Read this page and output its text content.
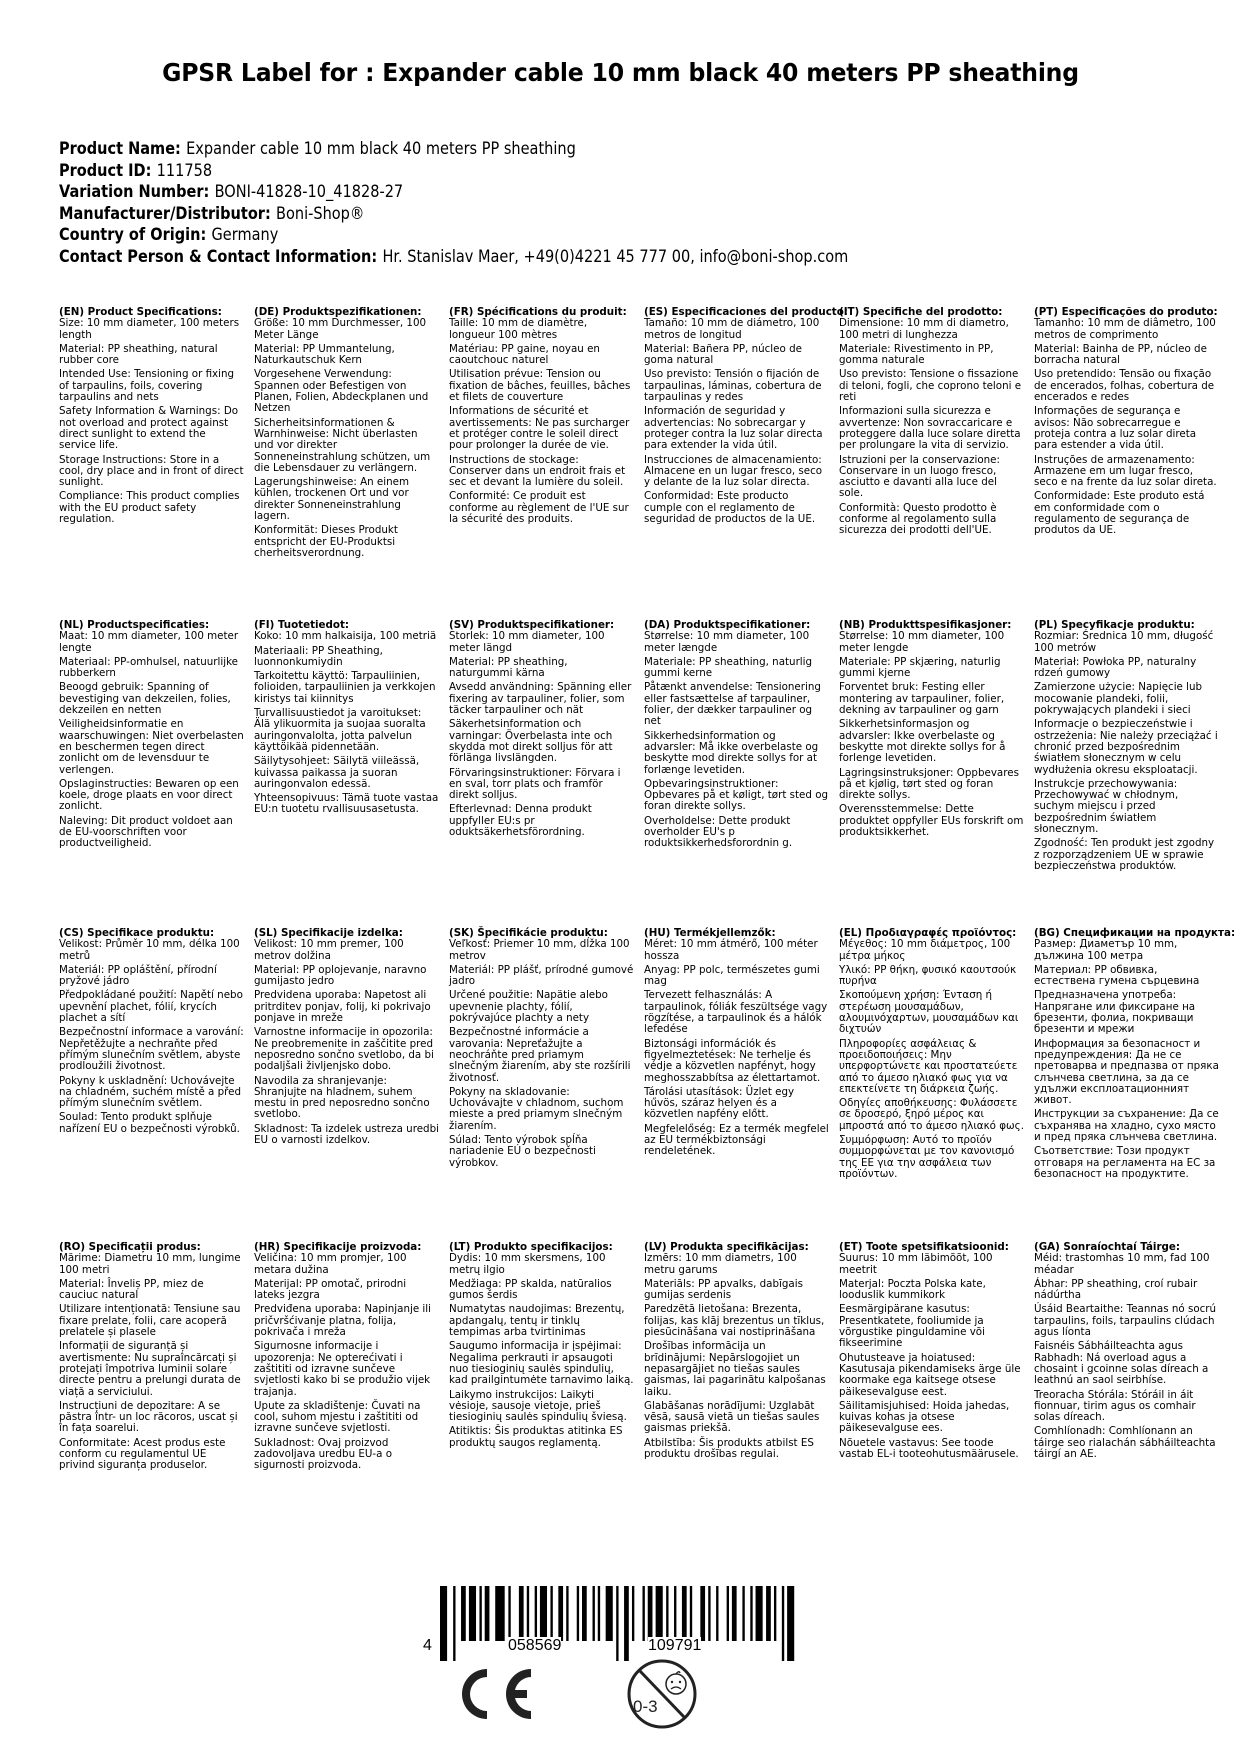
GPSR Label for : Expander cable 10 mm black 40 meters PP sheathing
Product Name: Expander cable 10 mm black 40 meters PP sheathing
Product ID: 111758
Variation Number: BONI-41828-10_41828-27
Manufacturer/Distributor: Boni-Shop®
Country of Origin: Germany
Contact Person & Contact Information: Hr. Stanislav Maer, +49(0)4221 45 777 00, info@boni-shop.com
(EN) Product Specifications:
Size: 10 mm diameter, 100 meters length
Material: PP sheathing, natural rubber core
Intended Use: Tensioning or fixing of tarpaulins, foils, covering tarpaulins and nets
Safety Information & Warnings: Do not overload and protect against direct sunlight to extend the service life.
Storage Instructions: Store in a cool, dry place and in front of direct sunlight.
Compliance: This product complies with the EU product safety regulation.
(DE) Produktspezifikationen:
Größe: 10 mm Durchmesser, 100 Meter Länge
Material: PP Ummantelung, Naturkautschuk Kern
Vorgesehene Verwendung: Spannen oder Befestigen von Planen, Folien, Abdeckplanen und Netzen
Sicherheitsinformationen & Warnhinweise: Nicht überlasten und vor direkter Sonneneinstrahlung schützen, um die Lebensdauer zu verlängern.
Lagerungshinweise: An einem kühlen, trockenen Ort und vor direkter Sonneneinstrahlung lagern.
Konformität: Dieses Produkt entspricht der EU-Produktsi cherheitsverordnung.
(FR) Spécifications du produit:
Taille: 10 mm de diamètre, longueur 100 mètres
Matériau: PP gaine, noyau en caoutchouc naturel
Utilisation prévue: Tension ou fixation de bâches, feuilles, bâches et filets de couverture
Informations de sécurité et avertissements: Ne pas surcharger et protéger contre le soleil direct pour prolonger la durée de vie.
Instructions de stockage: Conserver dans un endroit frais et sec et devant la lumière du soleil.
Conformité: Ce produit est conforme au règlement de l'UE sur la sécurité des produits.
(ES) Especificaciones del producto:
Tamaño: 10 mm de diámetro, 100 metros de longitud
Material: Bañera PP, núcleo de goma natural
Uso previsto: Tensión o fijación de tarpaulinas, láminas, cobertura de tarpaulinas y redes
Información de seguridad y advertencias: No sobrecargar y proteger contra la luz solar directa para extender la vida útil.
Instrucciones de almacenamiento: Almacene en un lugar fresco, seco y delante de la luz solar directa.
Conformidad: Este producto cumple con el reglamento de seguridad de productos de la UE.
(IT) Specifiche del prodotto:
Dimensione: 10 mm di diametro, 100 metri di lunghezza
Materiale: Rivestimento in PP, gomma naturale
Uso previsto: Tensione o fissazione di teloni, fogli, che coprono teloni e reti
Informazioni sulla sicurezza e avvertenze: Non sovraccaricare e proteggere dalla luce solare diretta per prolungare la vita di servizio.
Istruzioni per la conservazione: Conservare in un luogo fresco, asciutto e davanti alla luce del sole.
Conformità: Questo prodotto è conforme al regolamento sulla sicurezza dei prodotti dell'UE.
(PT) Especificações do produto:
Tamanho: 10 mm de diâmetro, 100 metros de comprimento
Material: Bainha de PP, núcleo de borracha natural
Uso pretendido: Tensão ou fixação de encerados, folhas, cobertura de encerados e redes
Informações de segurança e avisos: Não sobrecarregue e proteja contra a luz solar direta para estender a vida útil.
Instruções de armazenamento: Armazene em um lugar fresco, seco e na frente da luz solar direta.
Conformidade: Este produto está em conformidade com o regulamento de segurança de produtos da UE.
(NL) Productspecificaties:
Maat: 10 mm diameter, 100 meter lengte
Materiaal: PP-omhulsel, natuurlijke rubberkern
Beoogd gebruik: Spanning of bevestiging van dekzeilen, folies, dekzeilen en netten
Veiligheidsinformatie en waarschuwingen: Niet overbelasten en beschermen tegen direct zonlicht om de levensduur te verlengen.
Opslaginstructies: Bewaren op een koele, droge plaats en voor direct zonlicht.
Naleving: Dit product voldoet aan de EU-voorschriften voor productveiligheid.
(FI) Tuotetiedot:
Koko: 10 mm halkaisija, 100 metriä
Materiaali: PP Sheathing, luonnonkumiydin
Tarkoitettu käyttö: Tarpauliinien, folioiden, tarpauliinien ja verkkojen kiristys tai kiinnitys
Turvallisuustiedot ja varoitukset: Älä ylikuormita ja suojaa suoralta auringonvalolta, jotta palvelun käyttöikää pidennetään.
Säilytysohjeet: Säilytä viileässä, kuivassa paikassa ja suoran auringonvalon edessä.
Yhteensopivuus: Tämä tuote vastaa EU:n tuotetu rvallisuusasetusta.
(SV) Produktspecifikationer:
Storlek: 10 mm diameter, 100 meter längd
Material: PP sheathing, naturgummi kärna
Avsedd användning: Spänning eller fixering av tarpauliner, folier, som täcker tarpauliner och nät
Säkerhetsinformation och varningar: Överbelasta inte och skydda mot direkt solljus för att förlänga livslängden.
Förvaringsinstruktioner: Förvara i en sval, torr plats och framför direkt solljus.
Efterlevnad: Denna produkt uppfyller EU:s pr oduktsäkerhetsförordning.
(DA) Produktspecifikationer:
Størrelse: 10 mm diameter, 100 meter længde
Materiale: PP sheathing, naturlig gummi kerne
Påtænkt anvendelse: Tensionering eller fastsættelse af tarpauliner, folier, der dækker tarpauliner og net
Sikkerhedsinformation og advarsler: Må ikke overbelaste og beskytte mod direkte sollys for at forlænge levetiden.
Opbevaringsinstruktioner: Opbevares på et køligt, tørt sted og foran direkte sollys.
Overholdelse: Dette produkt overholder EU's p roduktsikkerhedsforordnin g.
(NB) Produkttspesifikasjoner:
Størrelse: 10 mm diameter, 100 meter lengde
Materiale: PP skjæring, naturlig gummi kjerne
Forventet bruk: Festing eller montering av tarpauliner, folier, dekning av tarpauliner og garn
Sikkerhetsinformasjon og advarsler: Ikke overbelaste og beskytte mot direkte sollys for å forlenge levetiden.
Lagringsinstruksjoner: Oppbevares på et kjølig, tørt sted og foran direkte sollys.
Overensstemmelse: Dette produktet oppfyller EUs forskrift om produktsikkerhet.
(PL) Specyfikacje produktu:
Rozmiar: Średnica 10 mm, długość 100 metrów
Materiał: Powłoka PP, naturalny rdzeń gumowy
Zamierzone użycie: Napięcie lub mocowanie plandeki, folii, pokrywających plandeki i sieci
Informacje o bezpieczeństwie i ostrzeżenia: Nie należy przeciążać i chronić przed bezpośrednim światłem słonecznym w celu wydłużenia okresu eksploatacji.
Instrukcje przechowywania: Przechowywać w chłodnym, suchym miejscu i przed bezpośrednim światłem słonecznym.
Zgodność: Ten produkt jest zgodny z rozporządzeniem UE w sprawie bezpieczeństwa produktów.
(CS) Specifikace produktu:
Velikost: Průměr 10 mm, délka 100 metrů
Materiál: PP opláštění, přírodní pryžové jádro
Předpokládané použití: Napětí nebo upevnění plachet, fólií, krycích plachet a sítí
Bezpečnostní informace a varování: Nepřetěžujte a nechraňte před přímým slunečním světlem, abyste prodloužili životnost.
Pokyny k uskladnění: Uchovávejte na chladném, suchém místě a před přímým slunečním světlem.
Soulad: Tento produkt splňuje nařízení EU o bezpečnosti výrobků.
(SL) Specifikacije izdelka:
Velikost: 10 mm premer, 100 metrov dolžina
Material: PP oplojevanje, naravno gumijasto jedro
Predvidena uporaba: Napetost ali pritrditev ponjav, folij, ki pokrivajo ponjave in mreže
Varnostne informacije in opozorila: Ne preobremenite in zaščitite pred neposredno sončno svetlobo, da bi podaljšali življenjsko dobo.
Navodila za shranjevanje: Shranjujte na hladnem, suhem mestu in pred neposredno sončno svetlobo.
Skladnost: Ta izdelek ustreza uredbi EU o varnosti izdelkov.
(SK) Špecifikácie produktu:
Veľkosť: Priemer 10 mm, dĺžka 100 metrov
Materiál: PP plášť, prírodné gumové jadro
Určené použitie: Napätie alebo upevnenie plachty, fólií, pokrývajúce plachty a nety
Bezpečnostné informácie a varovania: Nepreťažujte a neochráňte pred priamym slnečným žiarením, aby ste rozšírili životnosť.
Pokyny na skladovanie: Uchovávajte v chladnom, suchom mieste a pred priamym slnečným žiarením.
Súlad: Tento výrobok spĺňa nariadenie EÚ o bezpečnosti výrobkov.
(HU) Termékjellemzők:
Méret: 10 mm átmérő, 100 méter hossza
Anyag: PP polc, természetes gumi mag
Tervezett felhasználás: A tarpaulinok, fóliák feszültsége vagy rögzítése, a tarpaulinok és a hálók lefedése
Biztonsági információk és figyelmeztetések: Ne terhelje és védje a közvetlen napfényt, hogy meghosszabbítsa az élettartamot.
Tárolási utasítások: Üzlet egy hűvös, száraz helyen és a közvetlen napfény előtt.
Megfelelőség: Ez a termék megfelel az EU termékbiztonsági rendeletének.
(EL) Προδιαγραφές προϊόντος:
Μέγεθος: 10 mm διάμετρος, 100 μέτρα μήκος
Υλικό: PP θήκη, φυσικό καουτσούκ πυρήνα
Σκοπούμενη χρήση: Ένταση ή στερέωση μουσαμάδων, αλουμινόχαρτων, μουσαμάδων και διχτυών
Πληροφορίες ασφάλειας & προειδοποιήσεις: Μην υπερφορτώνετε και προστατεύετε από το άμεσο ηλιακό φως για να επεκτείνετε τη διάρκεια ζωής.
Οδηγίες αποθήκευσης: Φυλάσσετε σε δροσερό, ξηρό μέρος και μπροστά από το άμεσο ηλιακό φως.
Συμμόρφωση: Αυτό το προϊόν συμμορφώνεται με τον κανονισμό της ΕΕ για την ασφάλεια των προϊόντων.
(BG) Спецификации на продукта:
Размер: Диаметър 10 mm, дължина 100 метра
Материал: PP обвивка, естествена гумена сърцевина
Предназначена употреба: Напрягане или фиксиране на брезенти, фолиа, покриващи брезенти и мрежи
Информация за безопасност и предупреждения: Да не се претоварва и предпазва от пряка слънчева светлина, за да се удължи експлоатационният живот.
Инструкции за съхранение: Да се съхранява на хладно, сухо място и пред пряка слънчева светлина.
Съответствие: Този продукт отговаря на регламента на ЕС за безопасност на продуктите.
(RO) Specificații produs:
Mărime: Diametru 10 mm, lungime 100 metri
Material: Înveliș PP, miez de cauciuc natural
Utilizare intenționată: Tensiune sau fixare prelate, folii, care acoperă prelatele și plasele
Informații de siguranță și avertismente: Nu supraîncărcați și protejați împotriva luminii solare directe pentru a prelungi durata de viață a serviciului.
Instrucțiuni de depozitare: A se păstra într- un loc răcoros, uscat și în fața soarelui.
Conformitate: Acest produs este conform cu regulamentul UE privind siguranța produselor.
(HR) Specifikacije proizvoda:
Veličina: 10 mm promjer, 100 metara dužina
Materijal: PP omotač, prirodni lateks jezgra
Predviđena uporaba: Napinjanje ili pričvršćivanje platna, folija, pokrivača i mreža
Sigurnosne informacije i upozorenja: Ne opterećivati i zaštititi od izravne sunčeve svjetlosti kako bi se produžio vijek trajanja.
Upute za skladištenje: Čuvati na cool, suhom mjestu i zaštititi od izravne sunčeve svjetlosti.
Sukladnost: Ovaj proizvod zadovoljava uredbu EU-a o sigurnosti proizvoda.
(LT) Produkto specifikacijos:
Dydis: 10 mm skersmens, 100 metrų ilgio
Medžiaga: PP skalda, natūralios gumos šerdis
Numatytas naudojimas: Brezentų, apdangalų, tentų ir tinklų tempimas arba tvirtinimas
Saugumo informacija ir įspėjimai: Negalima perkrauti ir apsaugoti nuo tiesioginių saulės spindulių, kad prailgintumėte tarnavimo laiką.
Laikymo instrukcijos: Laikyti vėsioje, sausoje vietoje, prieš tiesioginių saulės spindulių šviesą.
Atitiktis: Šis produktas atitinka ES produktų saugos reglamentą.
(LV) Produkta specifikācijas:
Izmērs: 10 mm diametrs, 100 metru garums
Materiāls: PP apvalks, dabīgais gumijas serdenis
Paredzētā lietošana: Brezenta, folijas, kas klāj brezentus un tīklus, piesūcināšana vai nostiprināšana
Drošības informācija un brīdinājumi: Nepārslogojiet un nepasargājiet no tiešas saules gaismas, lai pagarinātu kalpošanas laiku.
Glabāšanas norādījumi: Uzglabāt vēsā, sausā vietā un tiešas saules gaismas priekšā.
Atbilstība: Šis produkts atbilst ES produktu drošības regulai.
(ET) Toote spetsifikatsioonid:
Suurus: 10 mm läbimõõt, 100 meetrit
Materjal: Poczta Polska kate, looduslik kummikork
Eesmärgipärane kasutus: Presentkatete, fooliumide ja võrgustike pinguldamine või fikseerimine
Ohutusteave ja hoiatused: Kasutusaja pikendamiseks ärge üle koormake ega kaitsege otsese päikesevalguse eest.
Säilitamisjuhised: Hoida jahedas, kuivas kohas ja otsese päikesevalguse ees.
Nõuetele vastavus: See toode vastab EL-i tooteohutusmäärusele.
(GA) Sonraíochtaí Táirge:
Méid: trastomhas 10 mm, fad 100 méadar
Ábhar: PP sheathing, croí rubair nádúrtha
Úsáid Beartaithe: Teannas nó socrú tarpaulins, foils, tarpaulins clúdach agus líonta
Faisnéis Sábháilteachta agus Rabhadh: Ná overload agus a chosaint i gcoinne solas díreach a leathnú an saol seirbhíse.
Treoracha Stórála: Stóráil in áit fionnuar, tirim agus os comhair solas díreach.
Comhlíonadh: Comhlíonann an táirge seo rialachán sábháilteachta táirgí an AE.
4	058569	109791
0-3
